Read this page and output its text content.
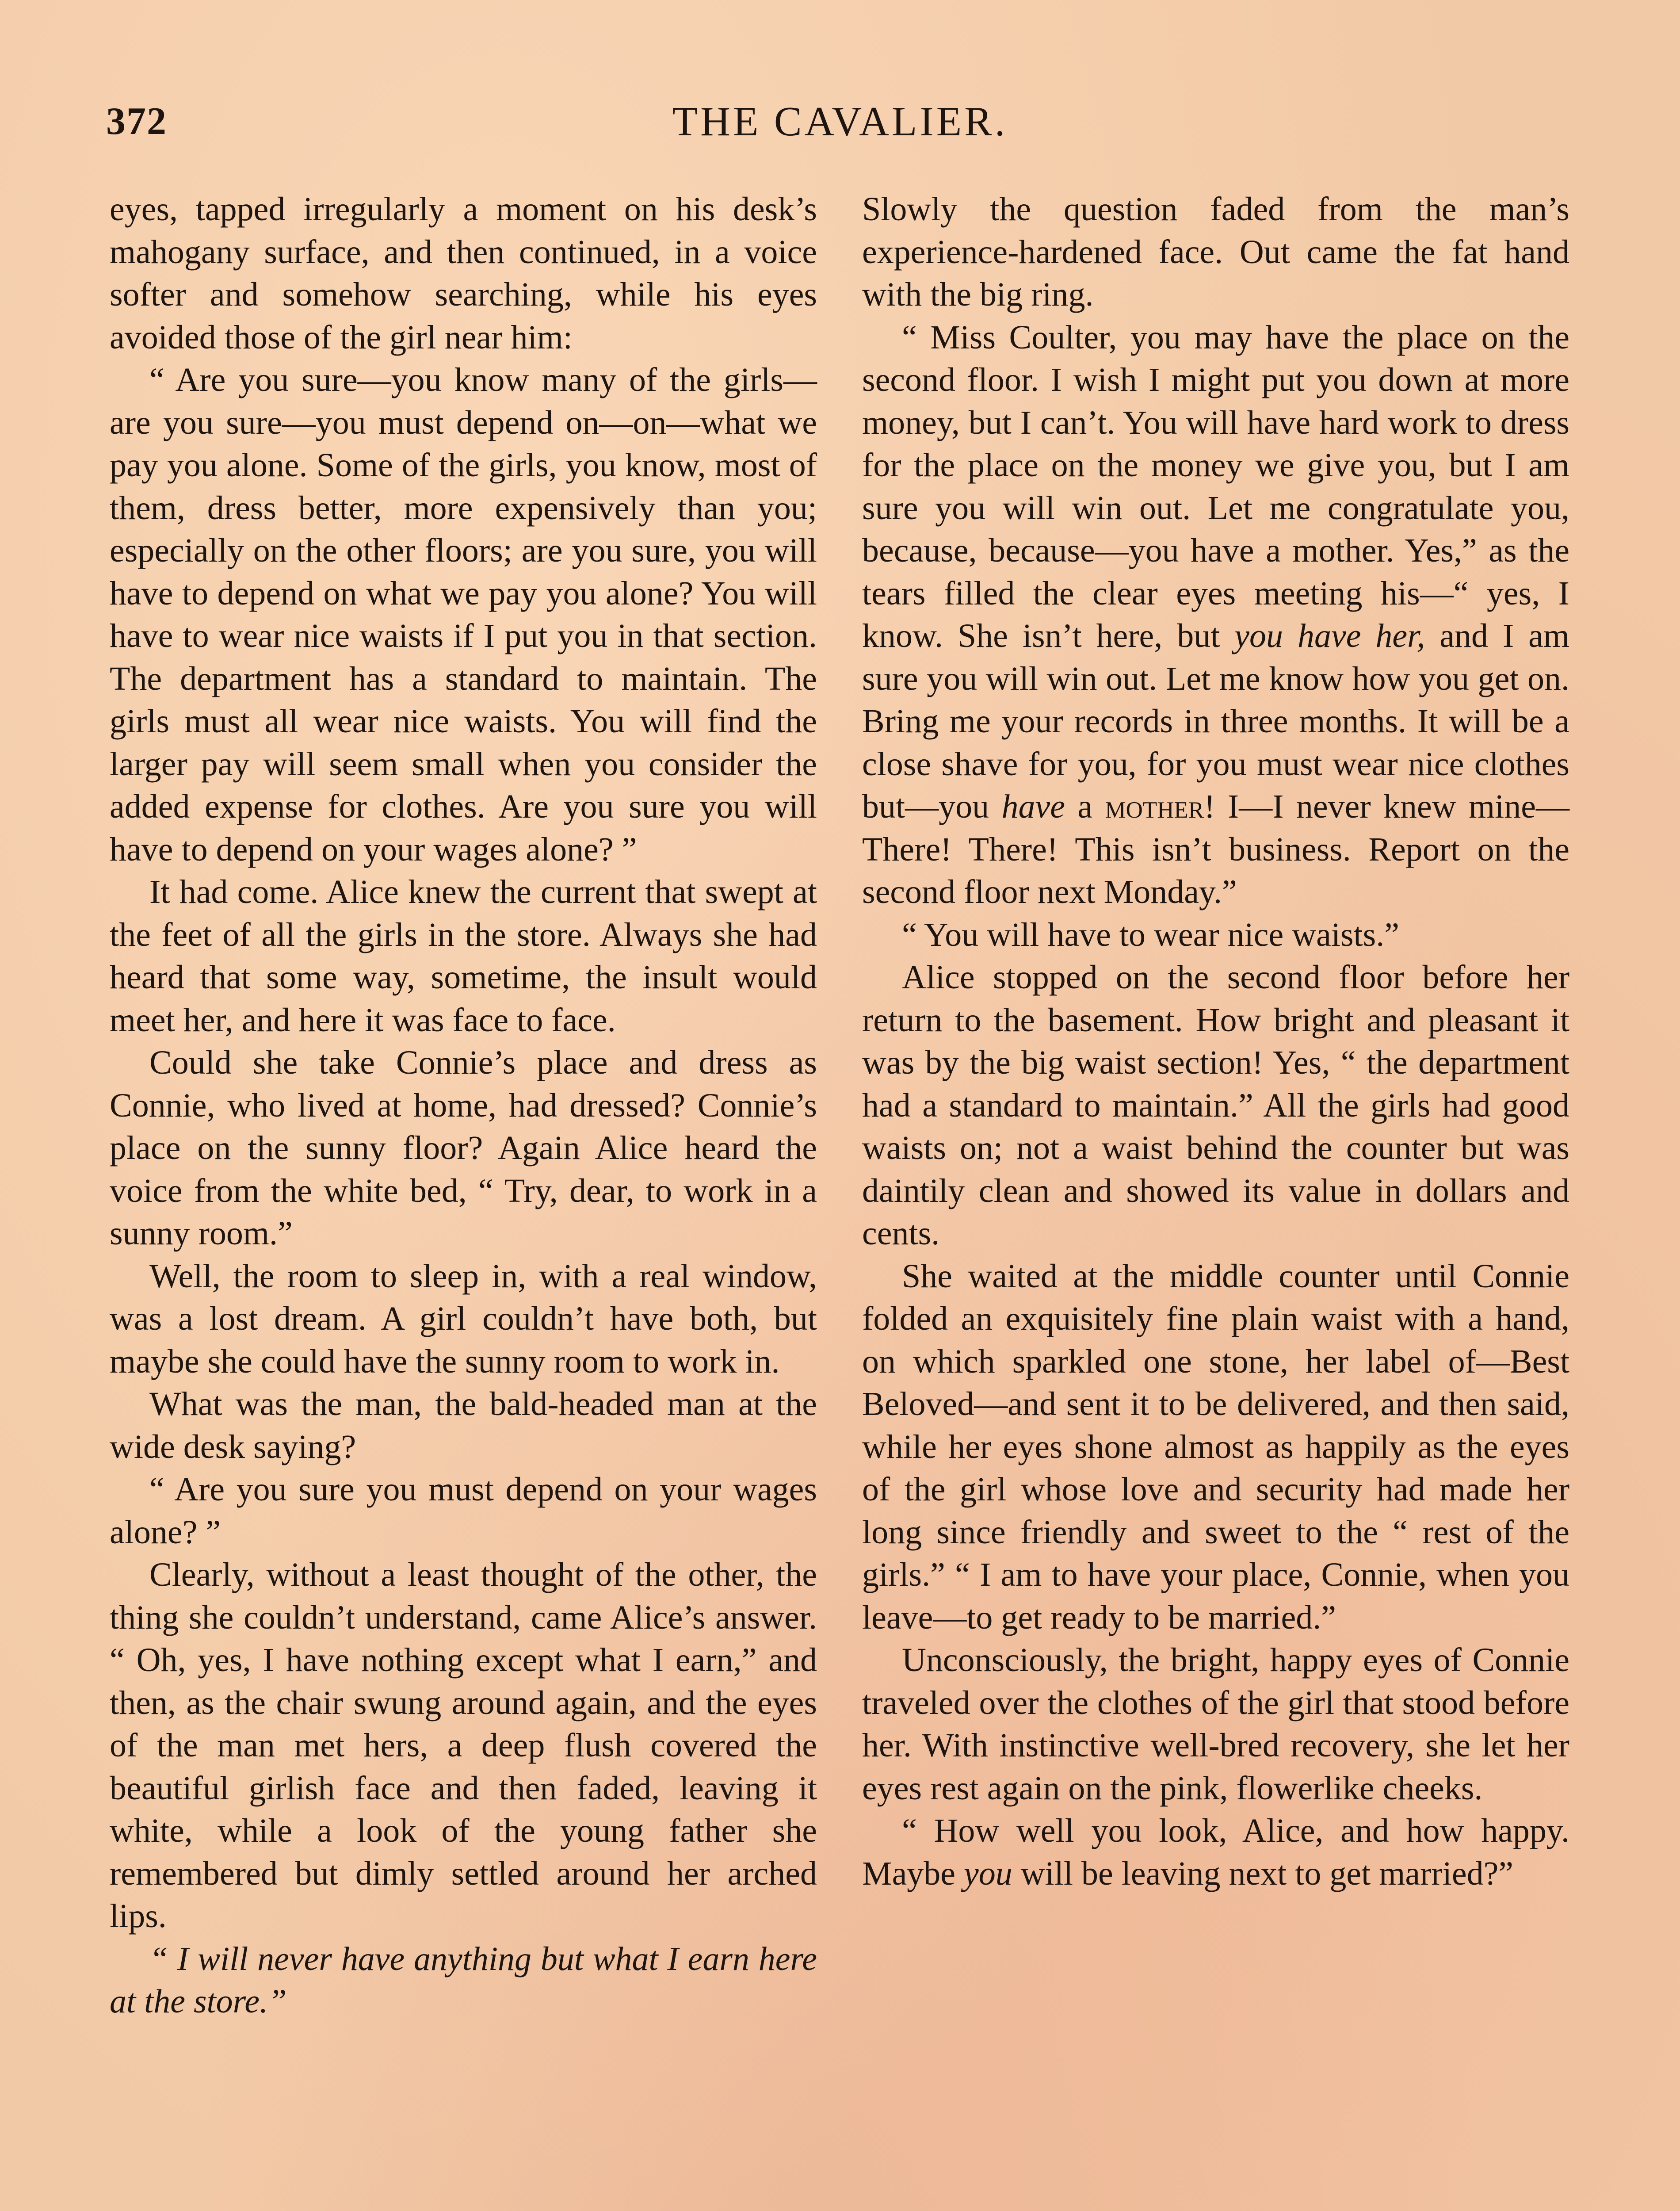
372	THE CAVALIER.

eyes, tapped irregularly a moment on his desk’s mahogany surface, and then continued, in a voice softer and somehow searching, while his eyes avoided those of the girl near him:

“ Are you sure—you know many of the girls—are you sure—you must depend on—on—what we pay you alone. Some of the girls, you know, most of them, dress better, more expensively than you; especially on the other floors; are you sure, you will have to depend on what we pay you alone? You will have to wear nice waists if I put you in that section. The department has a standard to maintain. The girls must all wear nice waists. You will find the larger pay will seem small when you consider the added expense for clothes. Are you sure you will have to depend on your wages alone? ”

It had come. Alice knew the current that swept at the feet of all the girls in the store. Always she had heard that some way, sometime, the insult would meet her, and here it was face to face.

Could she take Connie’s place and dress as Connie, who lived at home, had dressed? Connie’s place on the sunny floor? Again Alice heard the voice from the white bed, “ Try, dear, to work in a sunny room.”

Well, the room to sleep in, with a real window, was a lost dream. A girl couldn’t have both, but maybe she could have the sunny room to work in.

What was the man, the bald-headed man at the wide desk saying?

“ Are you sure you must depend on your wages alone? ”

Clearly, without a least thought of the other, the thing she couldn’t understand, came Alice’s answer. “ Oh, yes, I have nothing except what I earn,” and then, as the chair swung around again, and the eyes of the man met hers, a deep flush covered the beautiful girlish face and then faded, leaving it white, while a look of the young father she remembered but dimly settled around her arched lips.

“ I will never have anything but what I earn here at the store.”

Slowly the question faded from the man’s experience-hardened face. Out came the fat hand with the big ring.

“ Miss Coulter, you may have the place on the second floor. I wish I might put you down at more money, but I can’t. You will have hard work to dress for the place on the money we give you, but I am sure you will win out. Let me congratulate you, because, because—you have a mother. Yes,” as the tears filled the clear eyes meeting his—“ yes, I know. She isn’t here, but you have her, and I am sure you will win out. Let me know how you get on. Bring me your records in three months. It will be a close shave for you, for you must wear nice clothes but—you have a mother! I—I never knew mine— There! There! This isn’t business. Report on the second floor next Monday.”

“ You will have to wear nice waists.”

Alice stopped on the second floor before her return to the basement. How bright and pleasant it was by the big waist section! Yes, “ the department had a standard to maintain.” All the girls had good waists on; not a waist behind the counter but was daintily clean and showed its value in dollars and cents.

She waited at the middle counter until Connie folded an exquisitely fine plain waist with a hand, on which sparkled one stone, her label of—Best Beloved—and sent it to be delivered, and then said, while her eyes shone almost as happily as the eyes of the girl whose love and security had made her long since friendly and sweet to the “ rest of the girls.” “ I am to have your place, Connie, when you leave—to get ready to be married.”

Unconsciously, the bright, happy eyes of Connie traveled over the clothes of the girl that stood before her. With instinctive well-bred recovery, she let her eyes rest again on the pink, flowerlike cheeks.

“ How well you look, Alice, and how happy. Maybe you will be leaving next to get married?”
